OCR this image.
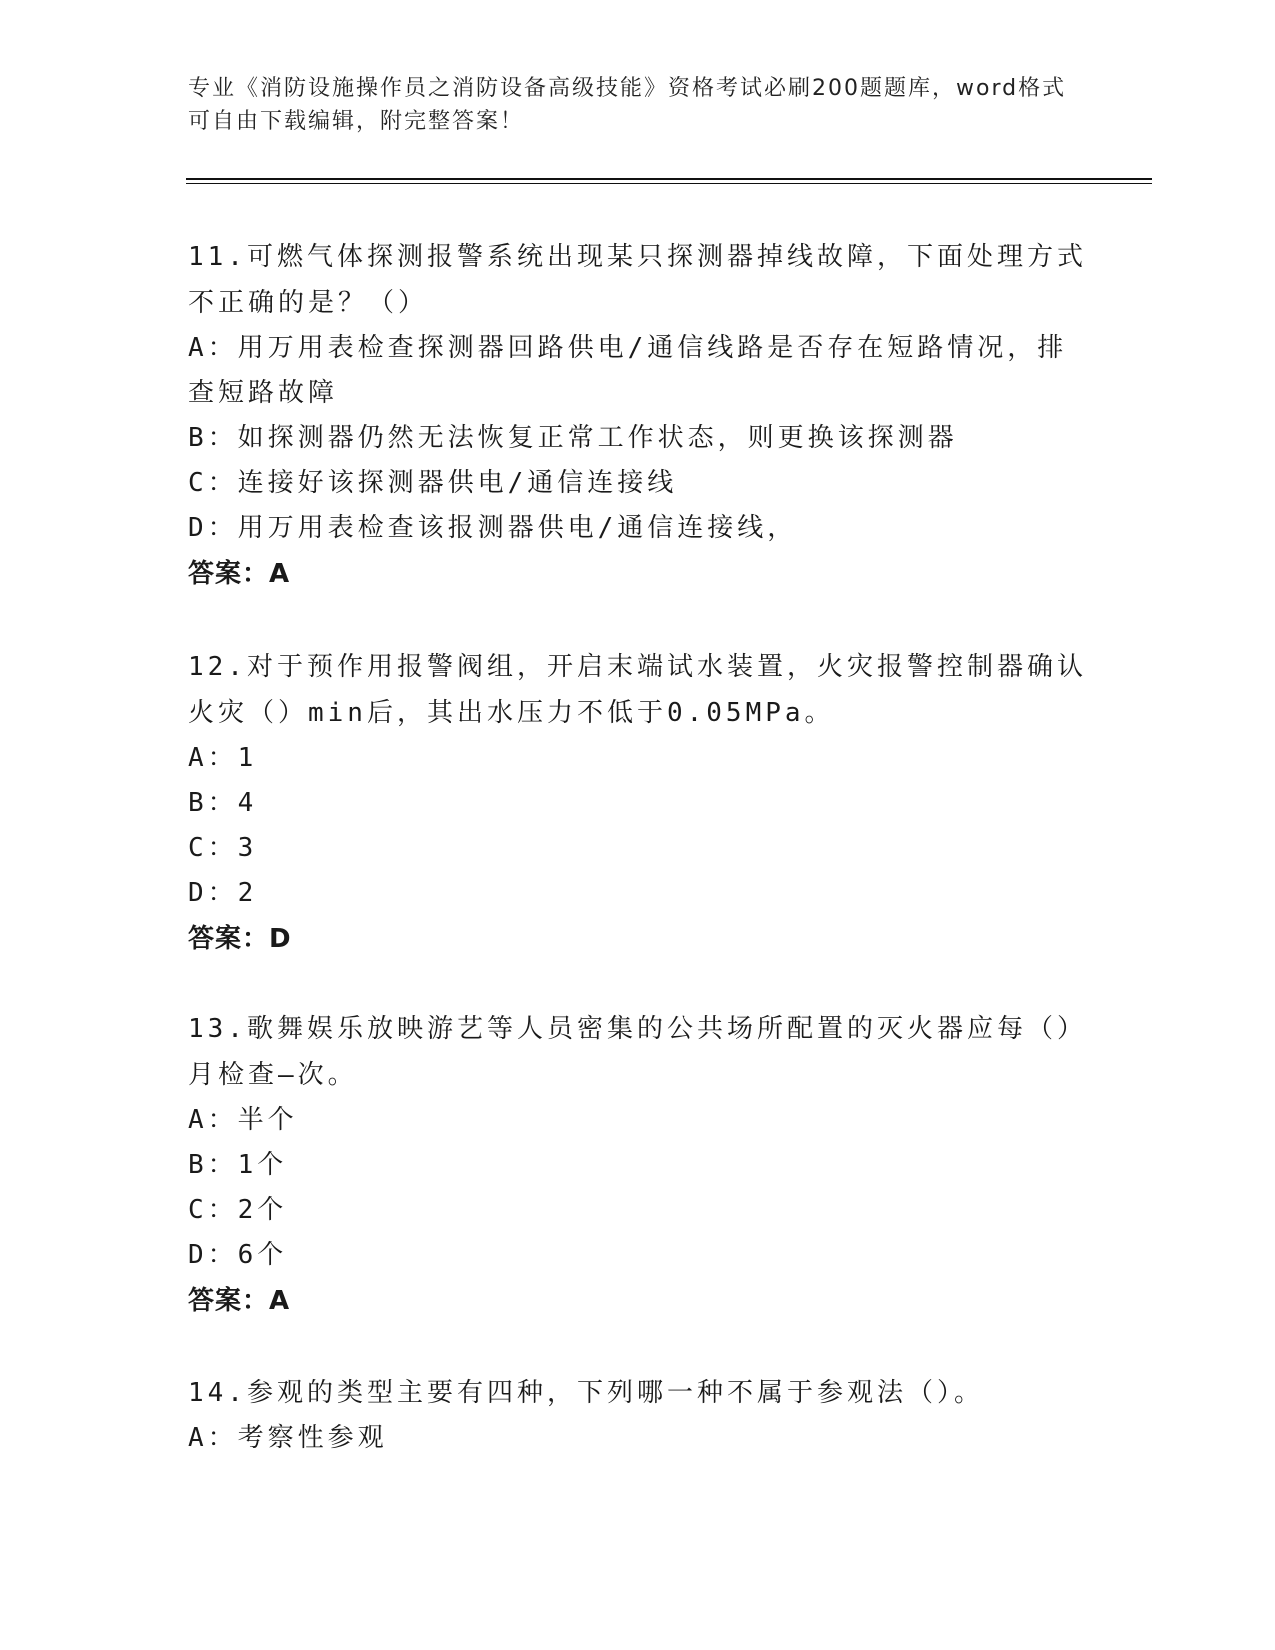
专业《消防设施操作员之消防设备高级技能》资格考试必刷200题题库，word格式可自由下载编辑，附完整答案！

11.可燃气体探测报警系统出现某只探测器掉线故障，下面处理方式不正确的是？（）

A：用万用表检查探测器回路供电/通信线路是否存在短路情况，排查短路故障

B：如探测器仍然无法恢复正常工作状态，则更换该探测器

C：连接好该探测器供电/通信连接线

D：用万用表检查该报测器供电/通信连接线，

答案：A

12.对于预作用报警阀组，开启末端试水装置，火灾报警控制器确认火灾（）min后，其出水压力不低于0.05MPa。

A：1

B：4

C：3

D：2

答案：D

13.歌舞娱乐放映游艺等人员密集的公共场所配置的灭火器应每（）月检查—次。

A：半个

B：1个

C：2个

D：6个

答案：A

14.参观的类型主要有四种，下列哪一种不属于参观法（）。

A：考察性参观
